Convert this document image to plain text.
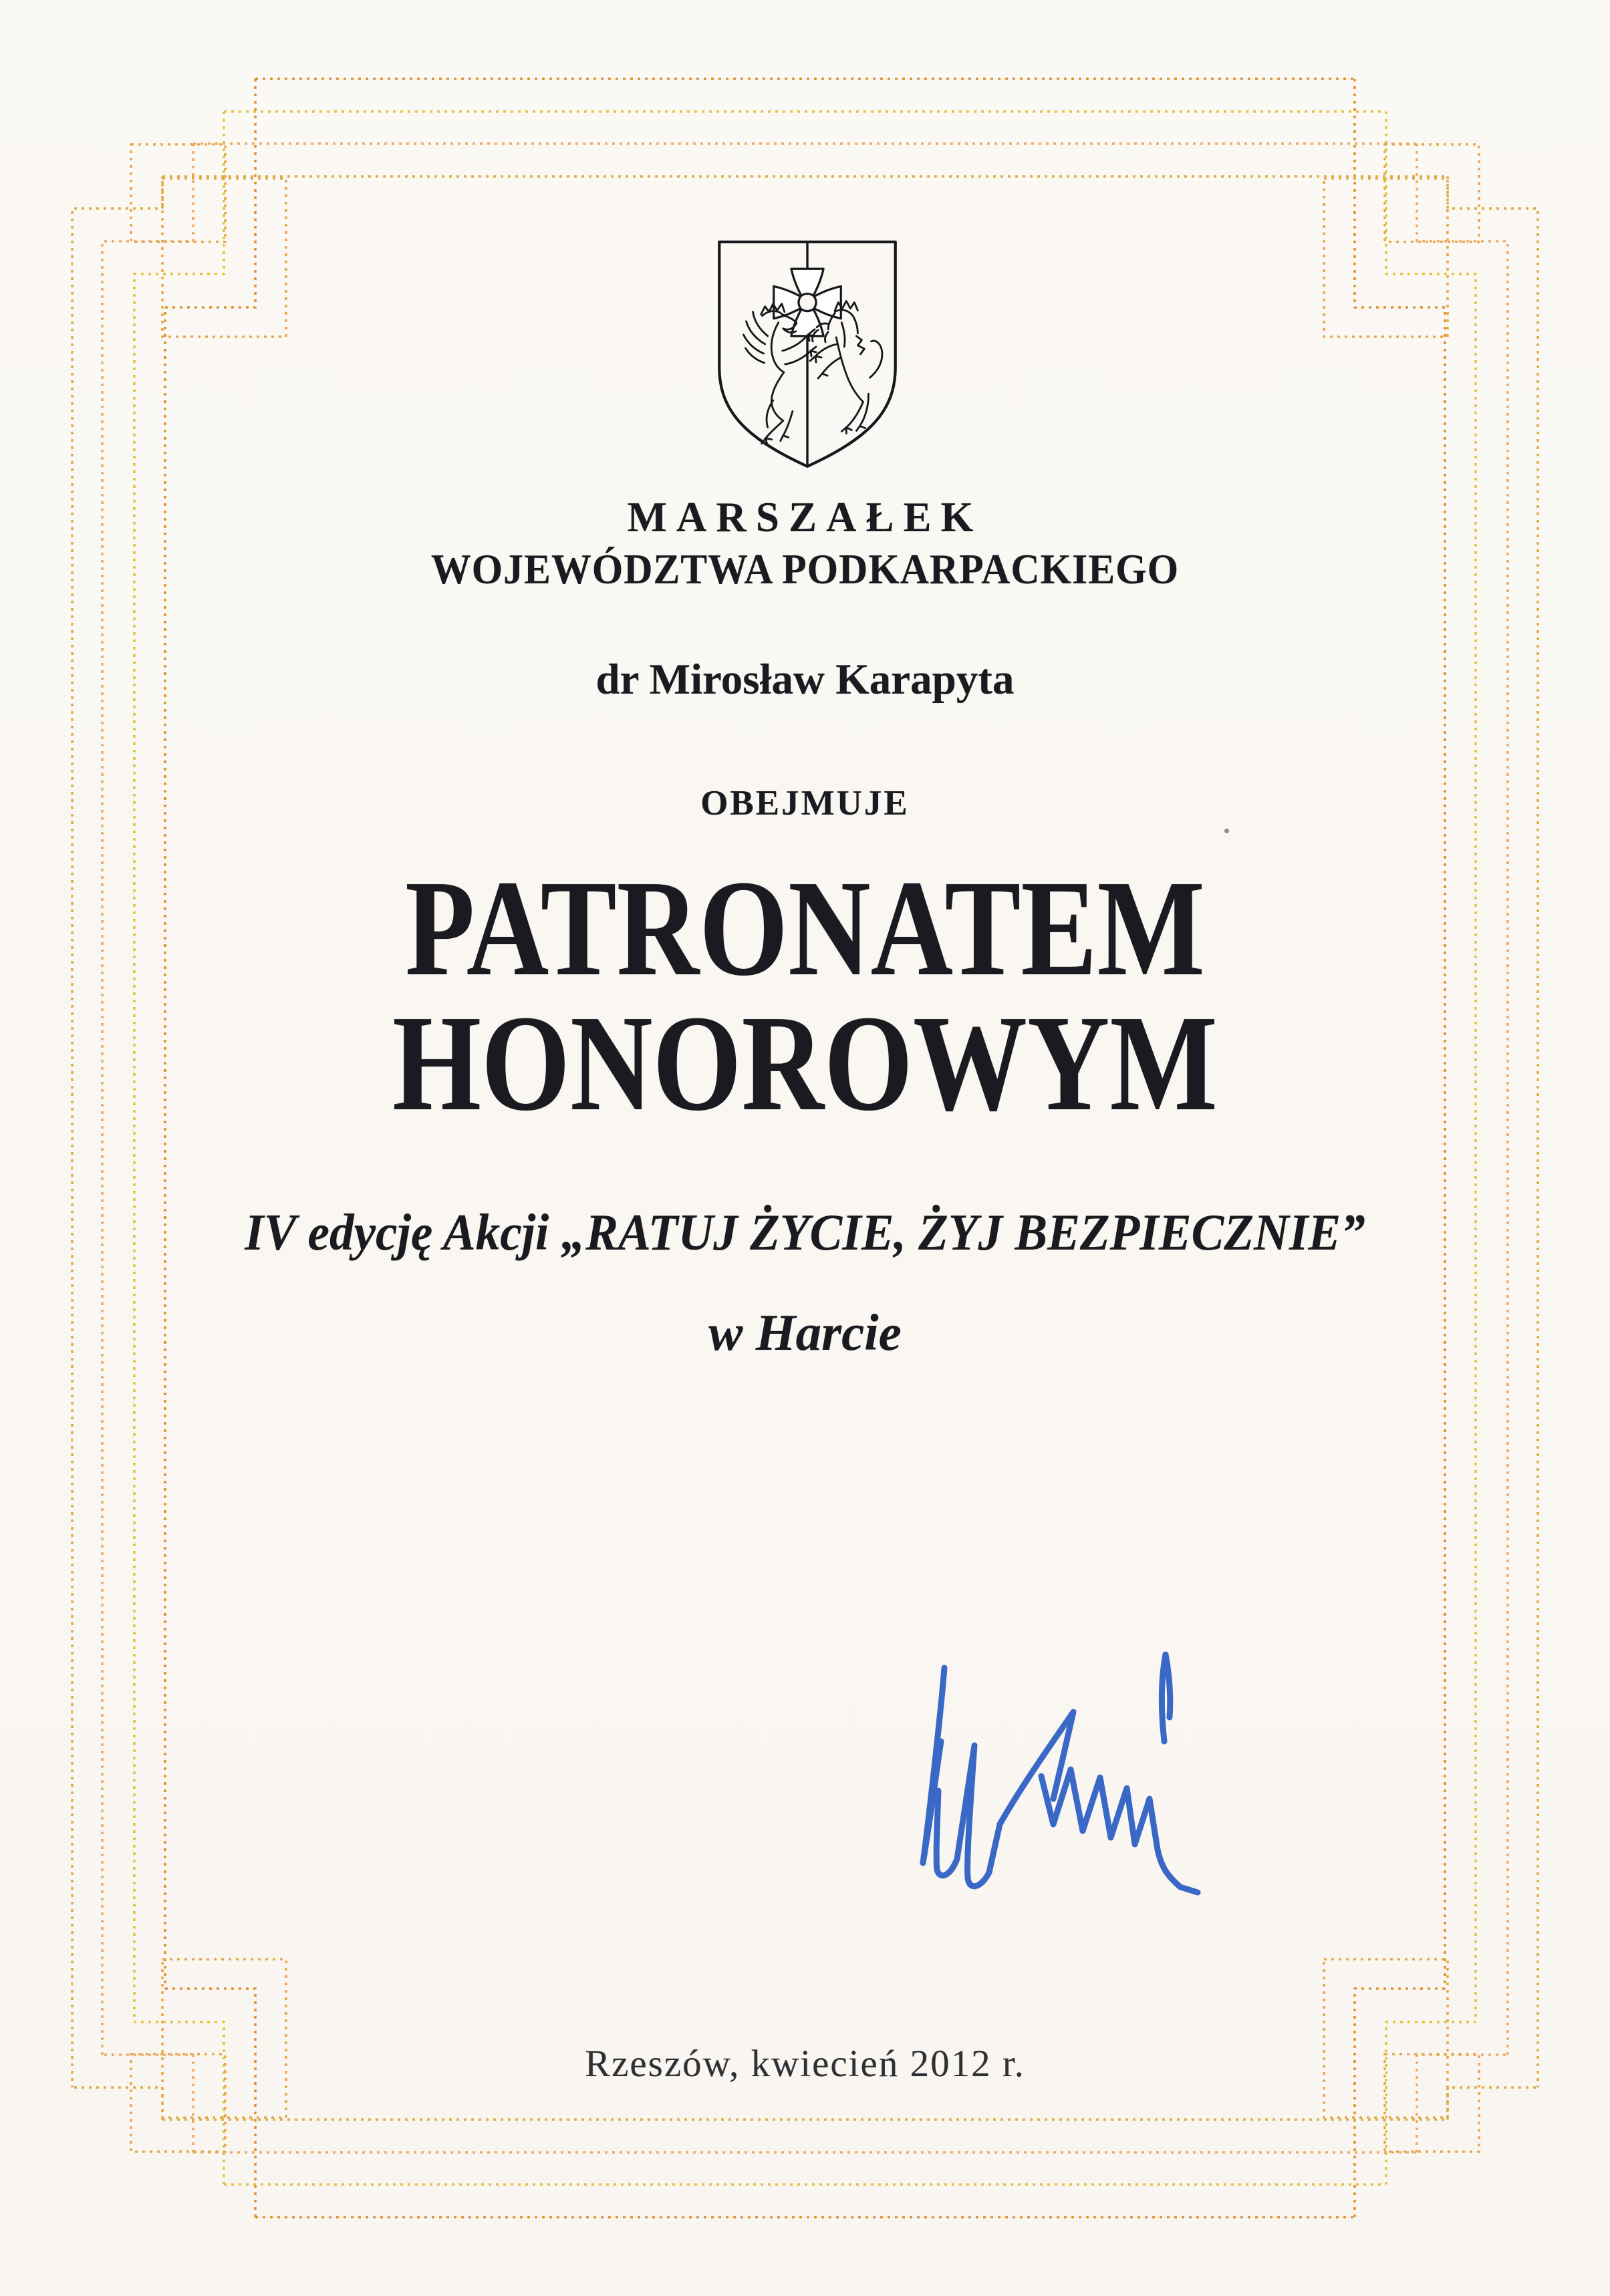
MARSZAŁEK
WOJEWÓDZTWA PODKARPACKIEGO
dr Mirosław Karapyta
OBEJMUJE
PATRONATEM
HONOROWYM
IV edycję Akcji „RATUJ ŻYCIE, ŻYJ BEZPIECZNIE”
w Harcie
Rzeszów, kwiecień 2012 r.
